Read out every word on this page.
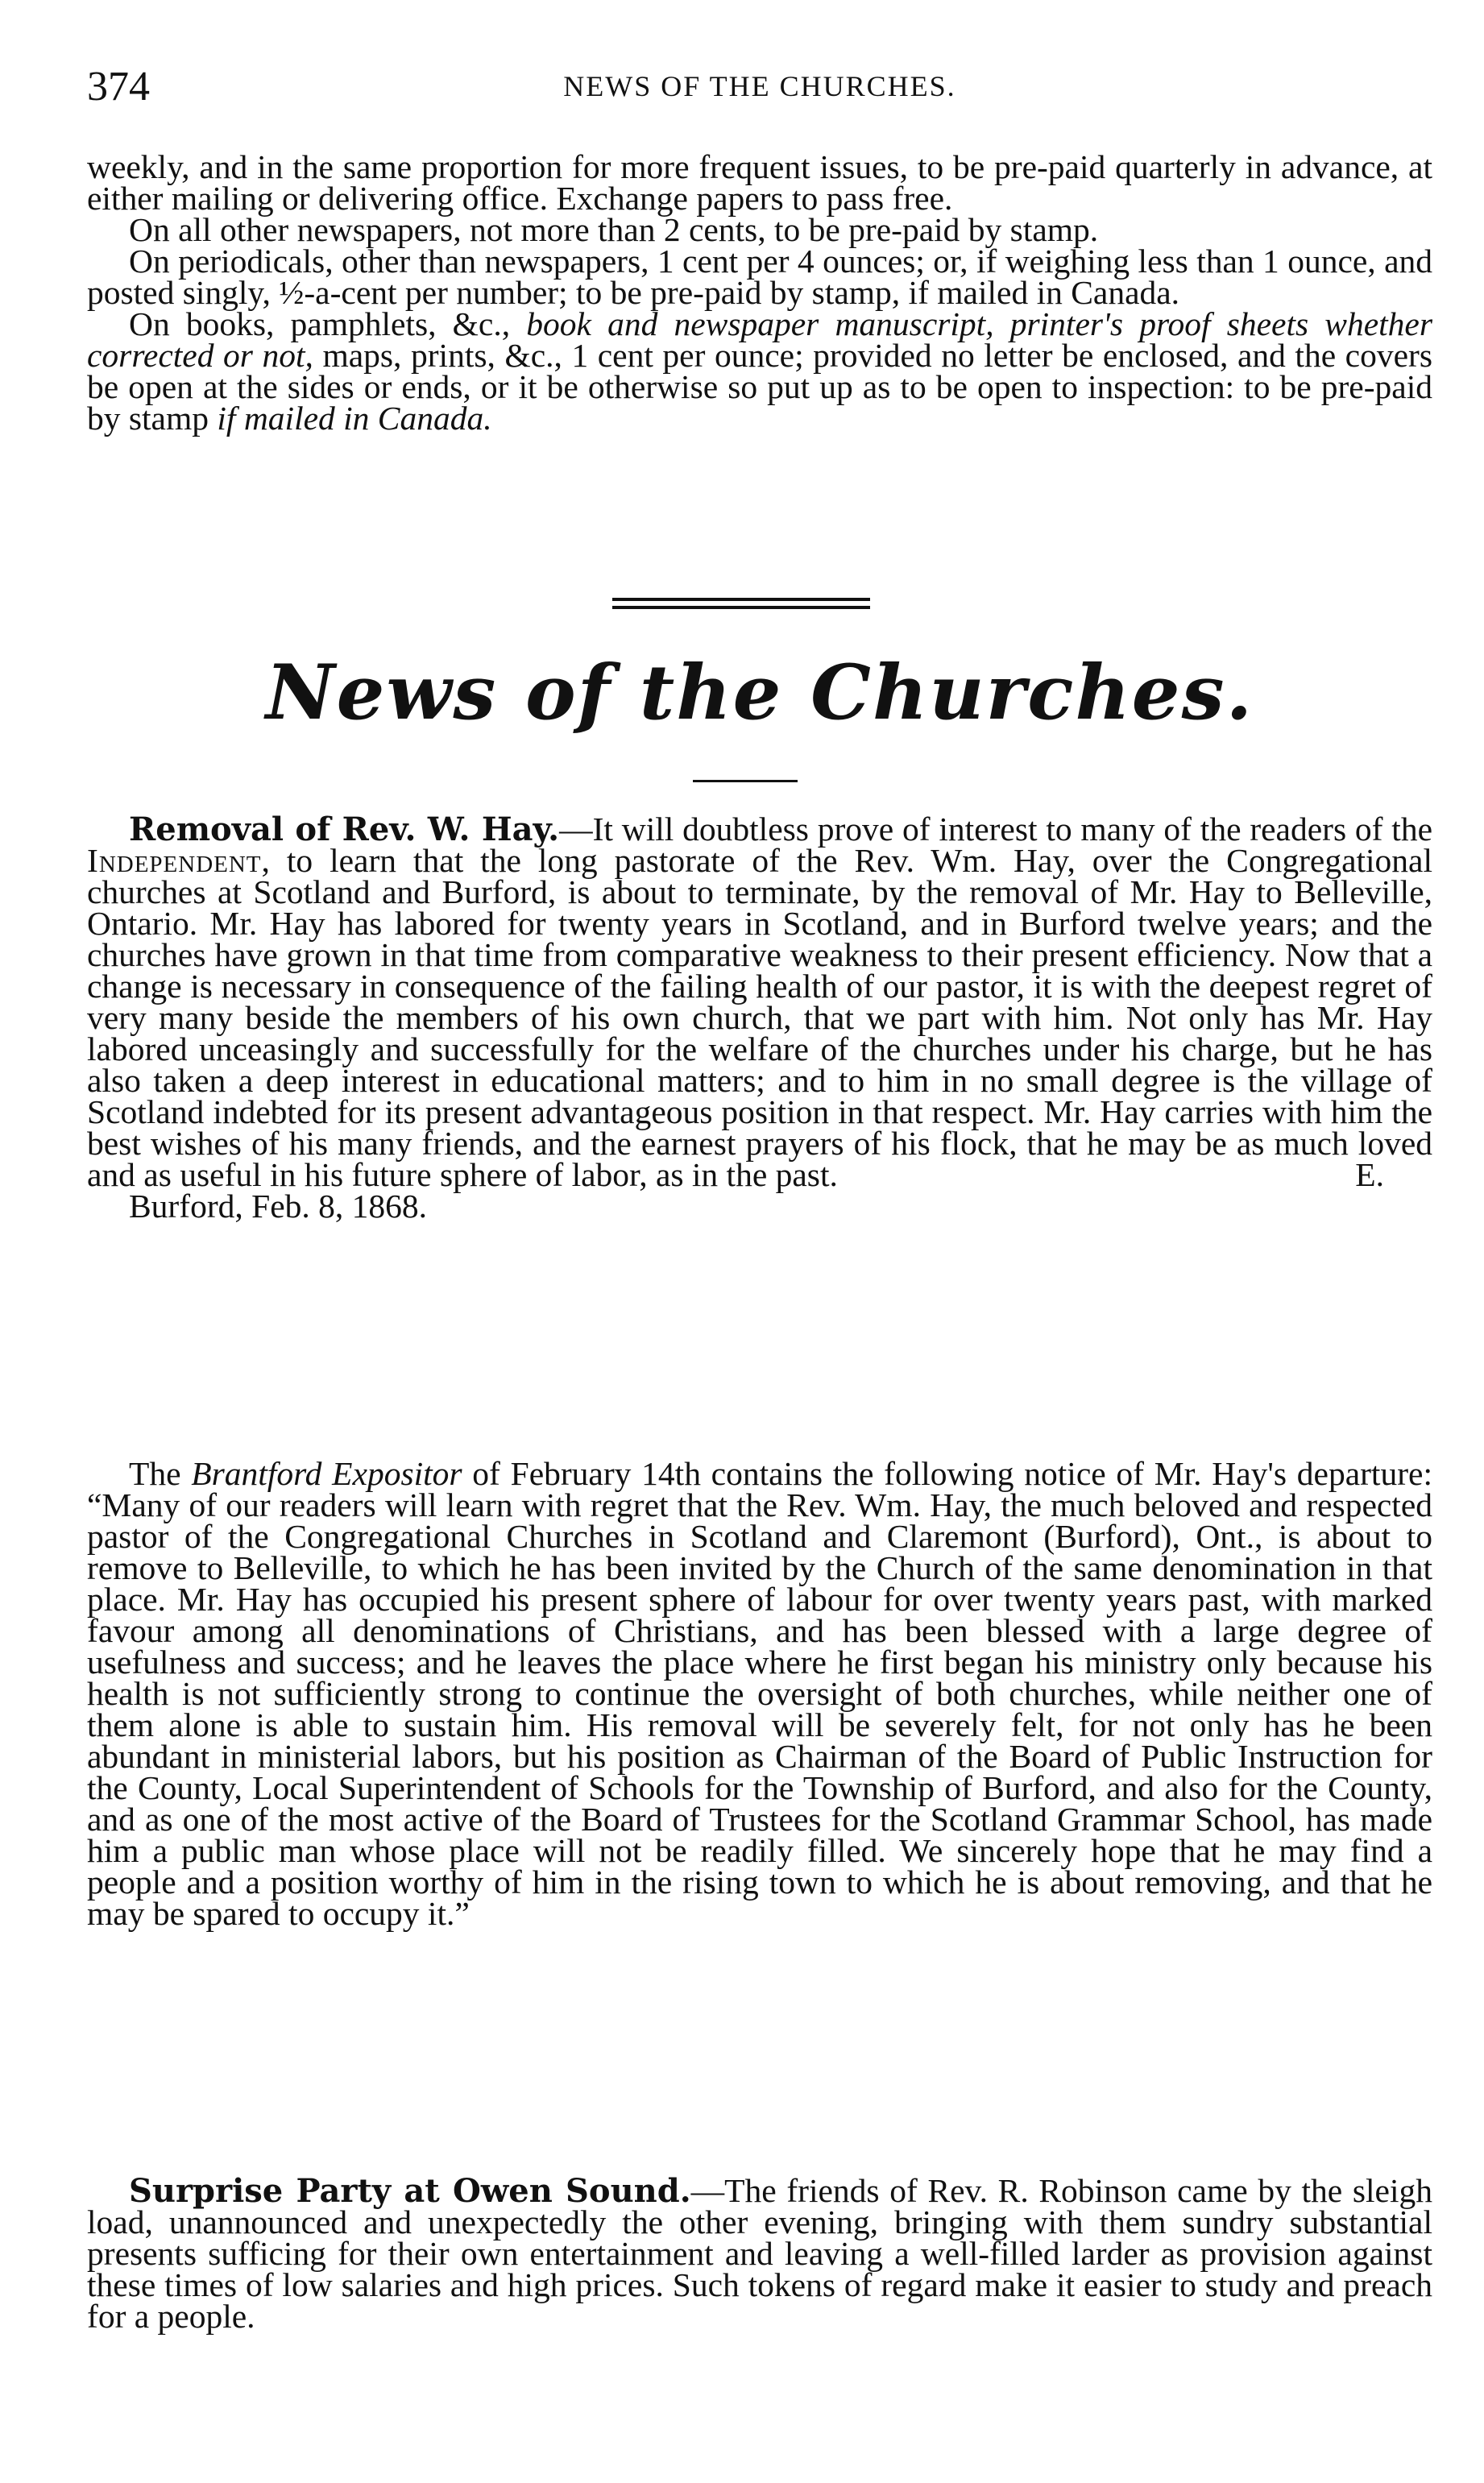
374	NEWS OF THE CHURCHES.

weekly, and in the same proportion for more frequent issues, to be pre-paid quarterly in advance, at either mailing or delivering office. Exchange papers to pass free.

On all other newspapers, not more than 2 cents, to be pre-paid by stamp.

On periodicals, other than newspapers, 1 cent per 4 ounces; or, if weighing less than 1 ounce, and posted singly, ½-a-cent per number; to be pre-paid by stamp, if mailed in Canada.

On books, pamphlets, &c., book and newspaper manuscript, printer's proof sheets whether corrected or not, maps, prints, &c., 1 cent per ounce; provided no letter be enclosed, and the covers be open at the sides or ends, or it be otherwise so put up as to be open to inspection: to be pre-paid by stamp if mailed in Canada.

News of the Churches.

Removal of Rev. W. Hay.—It will doubtless prove of interest to many of the readers of the Independent, to learn that the long pastorate of the Rev. Wm. Hay, over the Congregational churches at Scotland and Burford, is about to terminate, by the removal of Mr. Hay to Belleville, Ontario. Mr. Hay has labored for twenty years in Scotland, and in Burford twelve years; and the churches have grown in that time from comparative weakness to their present efficiency. Now that a change is necessary in consequence of the failing health of our pastor, it is with the deepest regret of very many beside the members of his own church, that we part with him. Not only has Mr. Hay labored unceasingly and successfully for the welfare of the churches under his charge, but he has also taken a deep interest in educational matters; and to him in no small degree is the village of Scotland indebted for its present advantageous position in that respect. Mr. Hay carries with him the best wishes of his many friends, and the earnest prayers of his flock, that he may be as much loved and as useful in his future sphere of labor, as in the past.	E.

Burford, Feb. 8, 1868.

The Brantford Expositor of February 14th contains the following notice of Mr. Hay's departure: “Many of our readers will learn with regret that the Rev. Wm. Hay, the much beloved and respected pastor of the Congregational Churches in Scotland and Claremont (Burford), Ont., is about to remove to Belleville, to which he has been invited by the Church of the same denomination in that place. Mr. Hay has occupied his present sphere of labour for over twenty years past, with marked favour among all denominations of Christians, and has been blessed with a large degree of usefulness and success; and he leaves the place where he first began his ministry only because his health is not sufficiently strong to continue the oversight of both churches, while neither one of them alone is able to sustain him. His removal will be severely felt, for not only has he been abundant in ministerial labors, but his position as Chairman of the Board of Public Instruction for the County, Local Superintendent of Schools for the Township of Burford, and also for the County, and as one of the most active of the Board of Trustees for the Scotland Grammar School, has made him a public man whose place will not be readily filled. We sincerely hope that he may find a people and a position worthy of him in the rising town to which he is about removing, and that he may be spared to occupy it.”

Surprise Party at Owen Sound.—The friends of Rev. R. Robinson came by the sleigh load, unannounced and unexpectedly the other evening, bringing with them sundry substantial presents sufficing for their own entertainment and leaving a well-filled larder as provision against these times of low salaries and high prices. Such tokens of regard make it easier to study and preach for a people.
